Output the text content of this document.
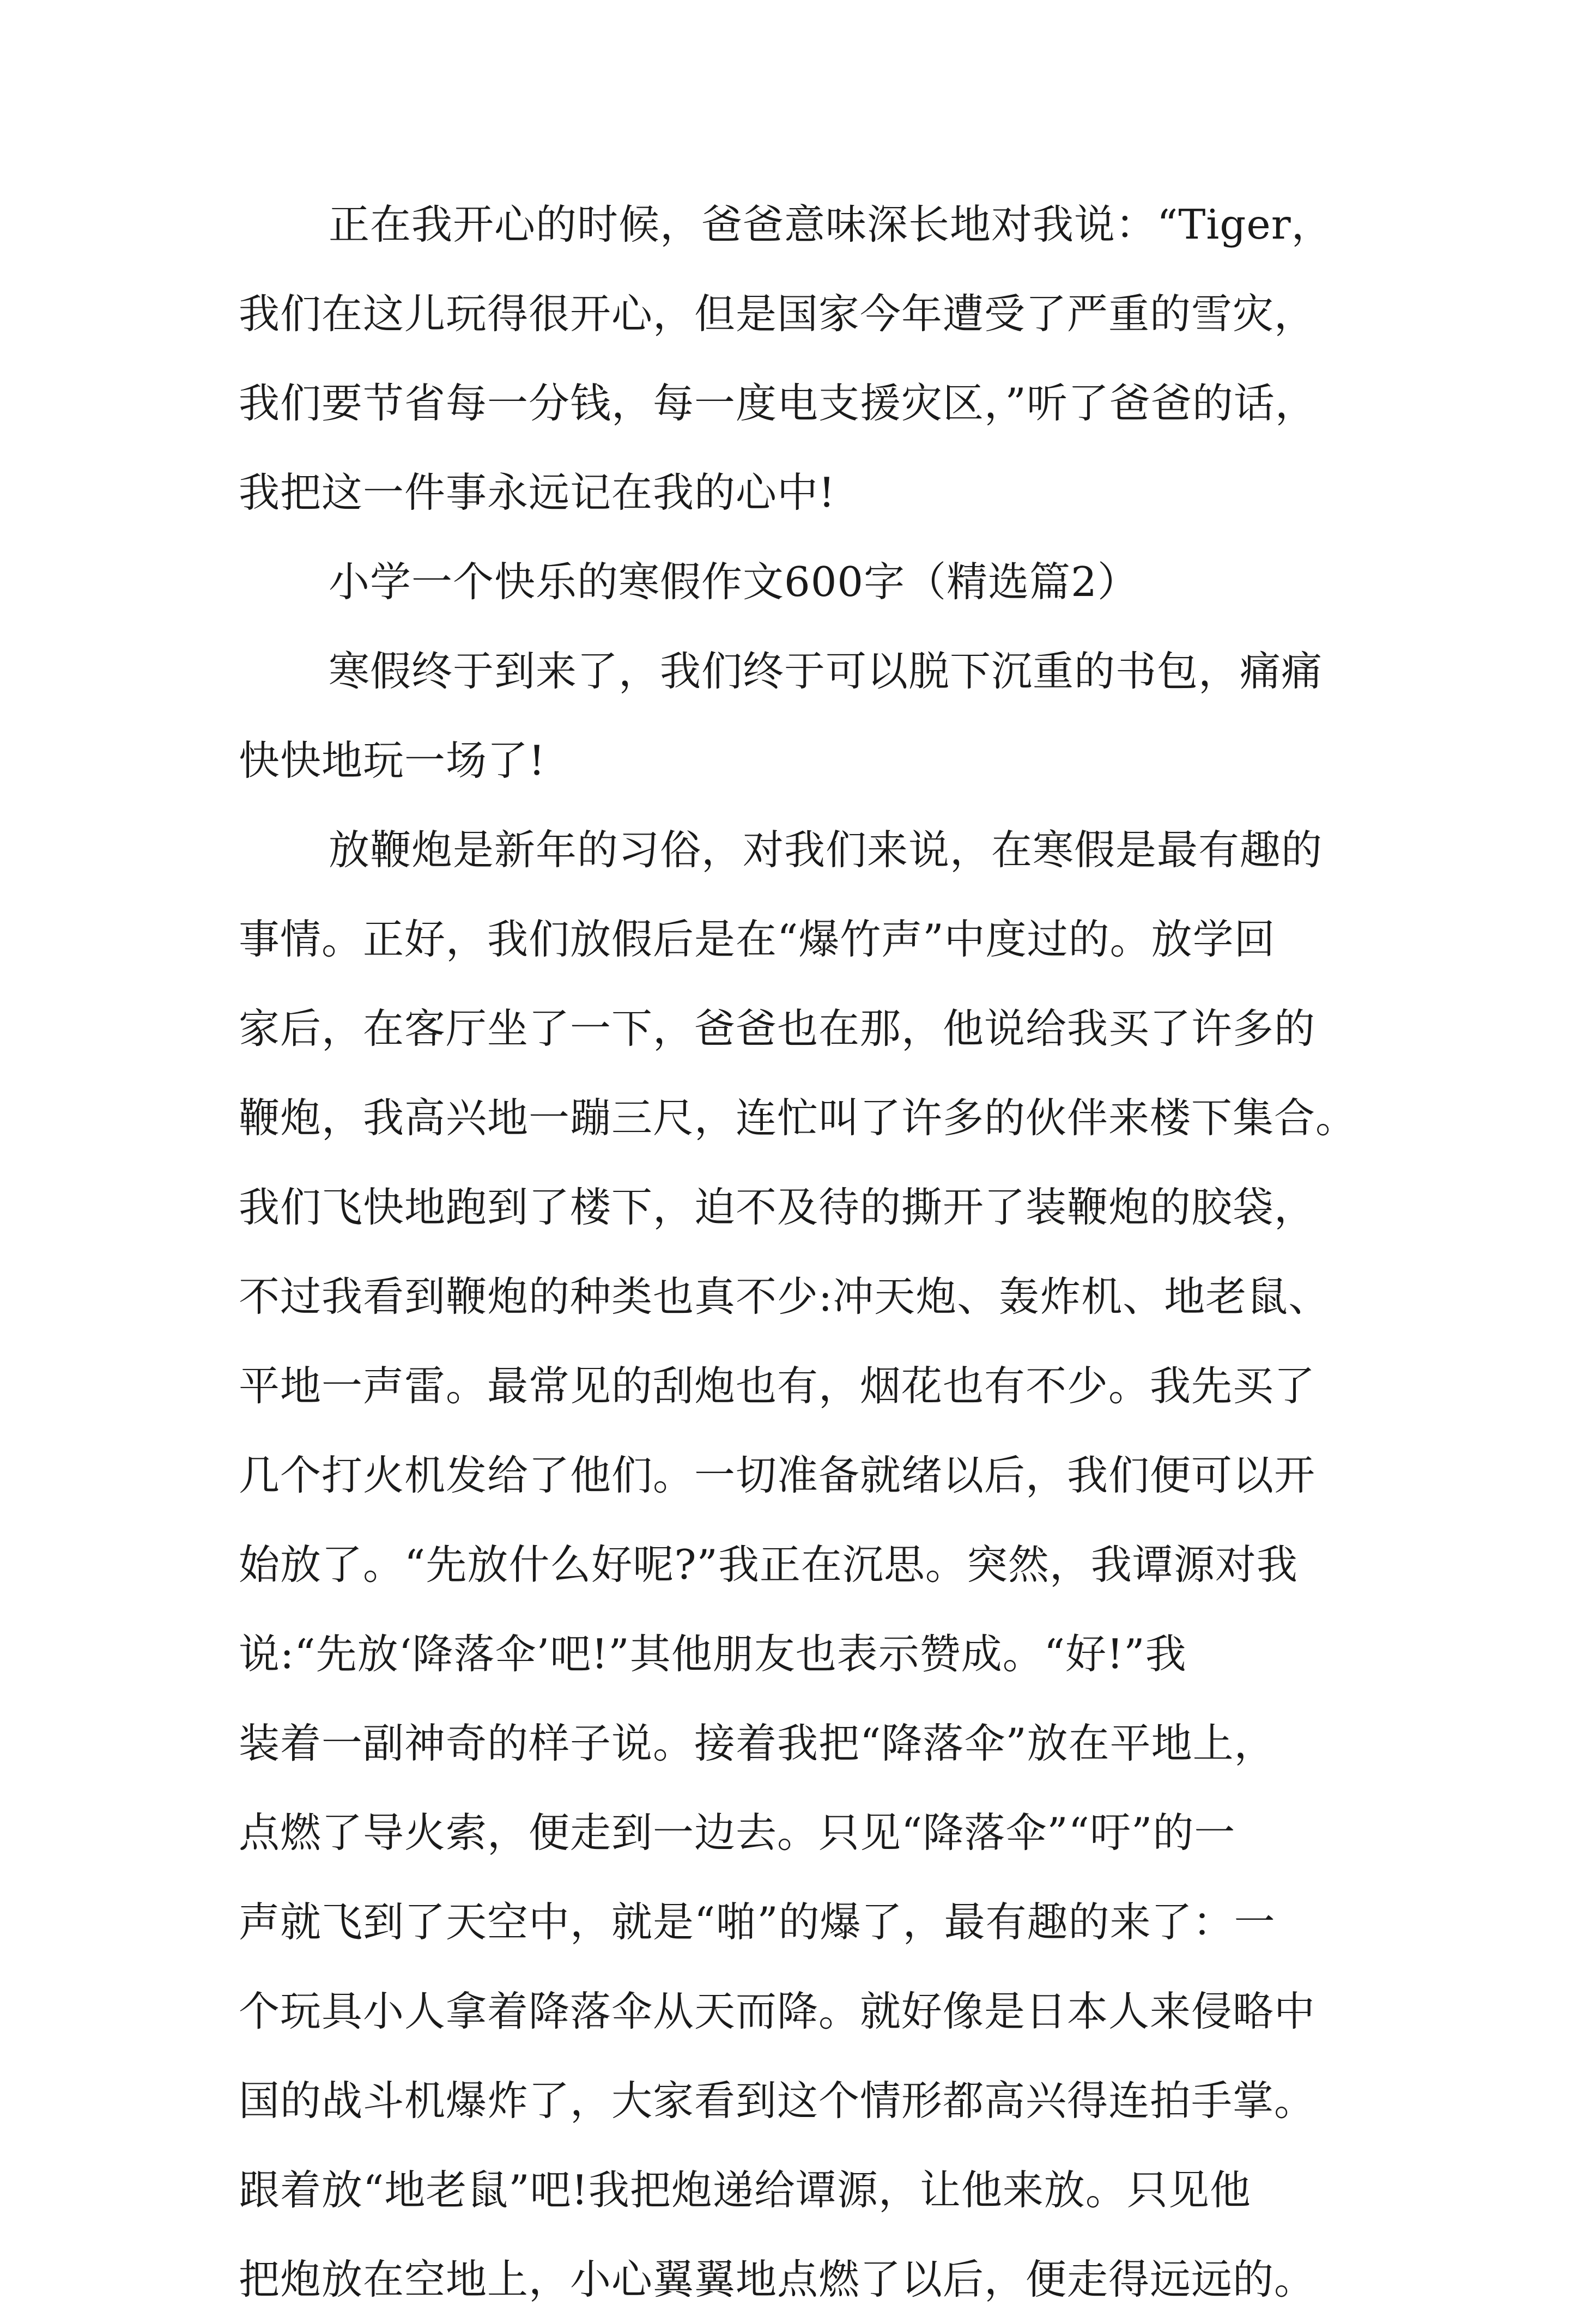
正在我开心的时候，爸爸意味深长地对我说：“Tiger，
我们在这儿玩得很开心，但是国家今年遭受了严重的雪灾，
我们要节省每一分钱，每一度电支援灾区，”听了爸爸的话，
我把这一件事永远记在我的心中!
小学一个快乐的寒假作文600字（精选篇2）
寒假终于到来了，我们终于可以脱下沉重的书包，痛痛
快快地玩一场了!
放鞭炮是新年的习俗，对我们来说，在寒假是最有趣的
事情。正好，我们放假后是在“爆竹声”中度过的。放学回
家后，在客厅坐了一下，爸爸也在那，他说给我买了许多的
鞭炮，我高兴地一蹦三尺，连忙叫了许多的伙伴来楼下集合。
我们飞快地跑到了楼下，迫不及待的撕开了装鞭炮的胶袋，
不过我看到鞭炮的种类也真不少:冲天炮、轰炸机、地老鼠、
平地一声雷。最常见的刮炮也有，烟花也有不少。我先买了
几个打火机发给了他们。一切准备就绪以后，我们便可以开
始放了。“先放什么好呢?”我正在沉思。突然，我谭源对我
说:“先放‘降落伞’吧!”其他朋友也表示赞成。“好!”我
装着一副神奇的样子说。接着我把“降落伞”放在平地上，
点燃了导火索，便走到一边去。只见“降落伞”“吁”的一
声就飞到了天空中，就是“啪”的爆了，最有趣的来了：一
个玩具小人拿着降落伞从天而降。就好像是日本人来侵略中
国的战斗机爆炸了，大家看到这个情形都高兴得连拍手掌。
跟着放“地老鼠”吧!我把炮递给谭源，让他来放。只见他
把炮放在空地上，小心翼翼地点燃了以后，便走得远远的。
